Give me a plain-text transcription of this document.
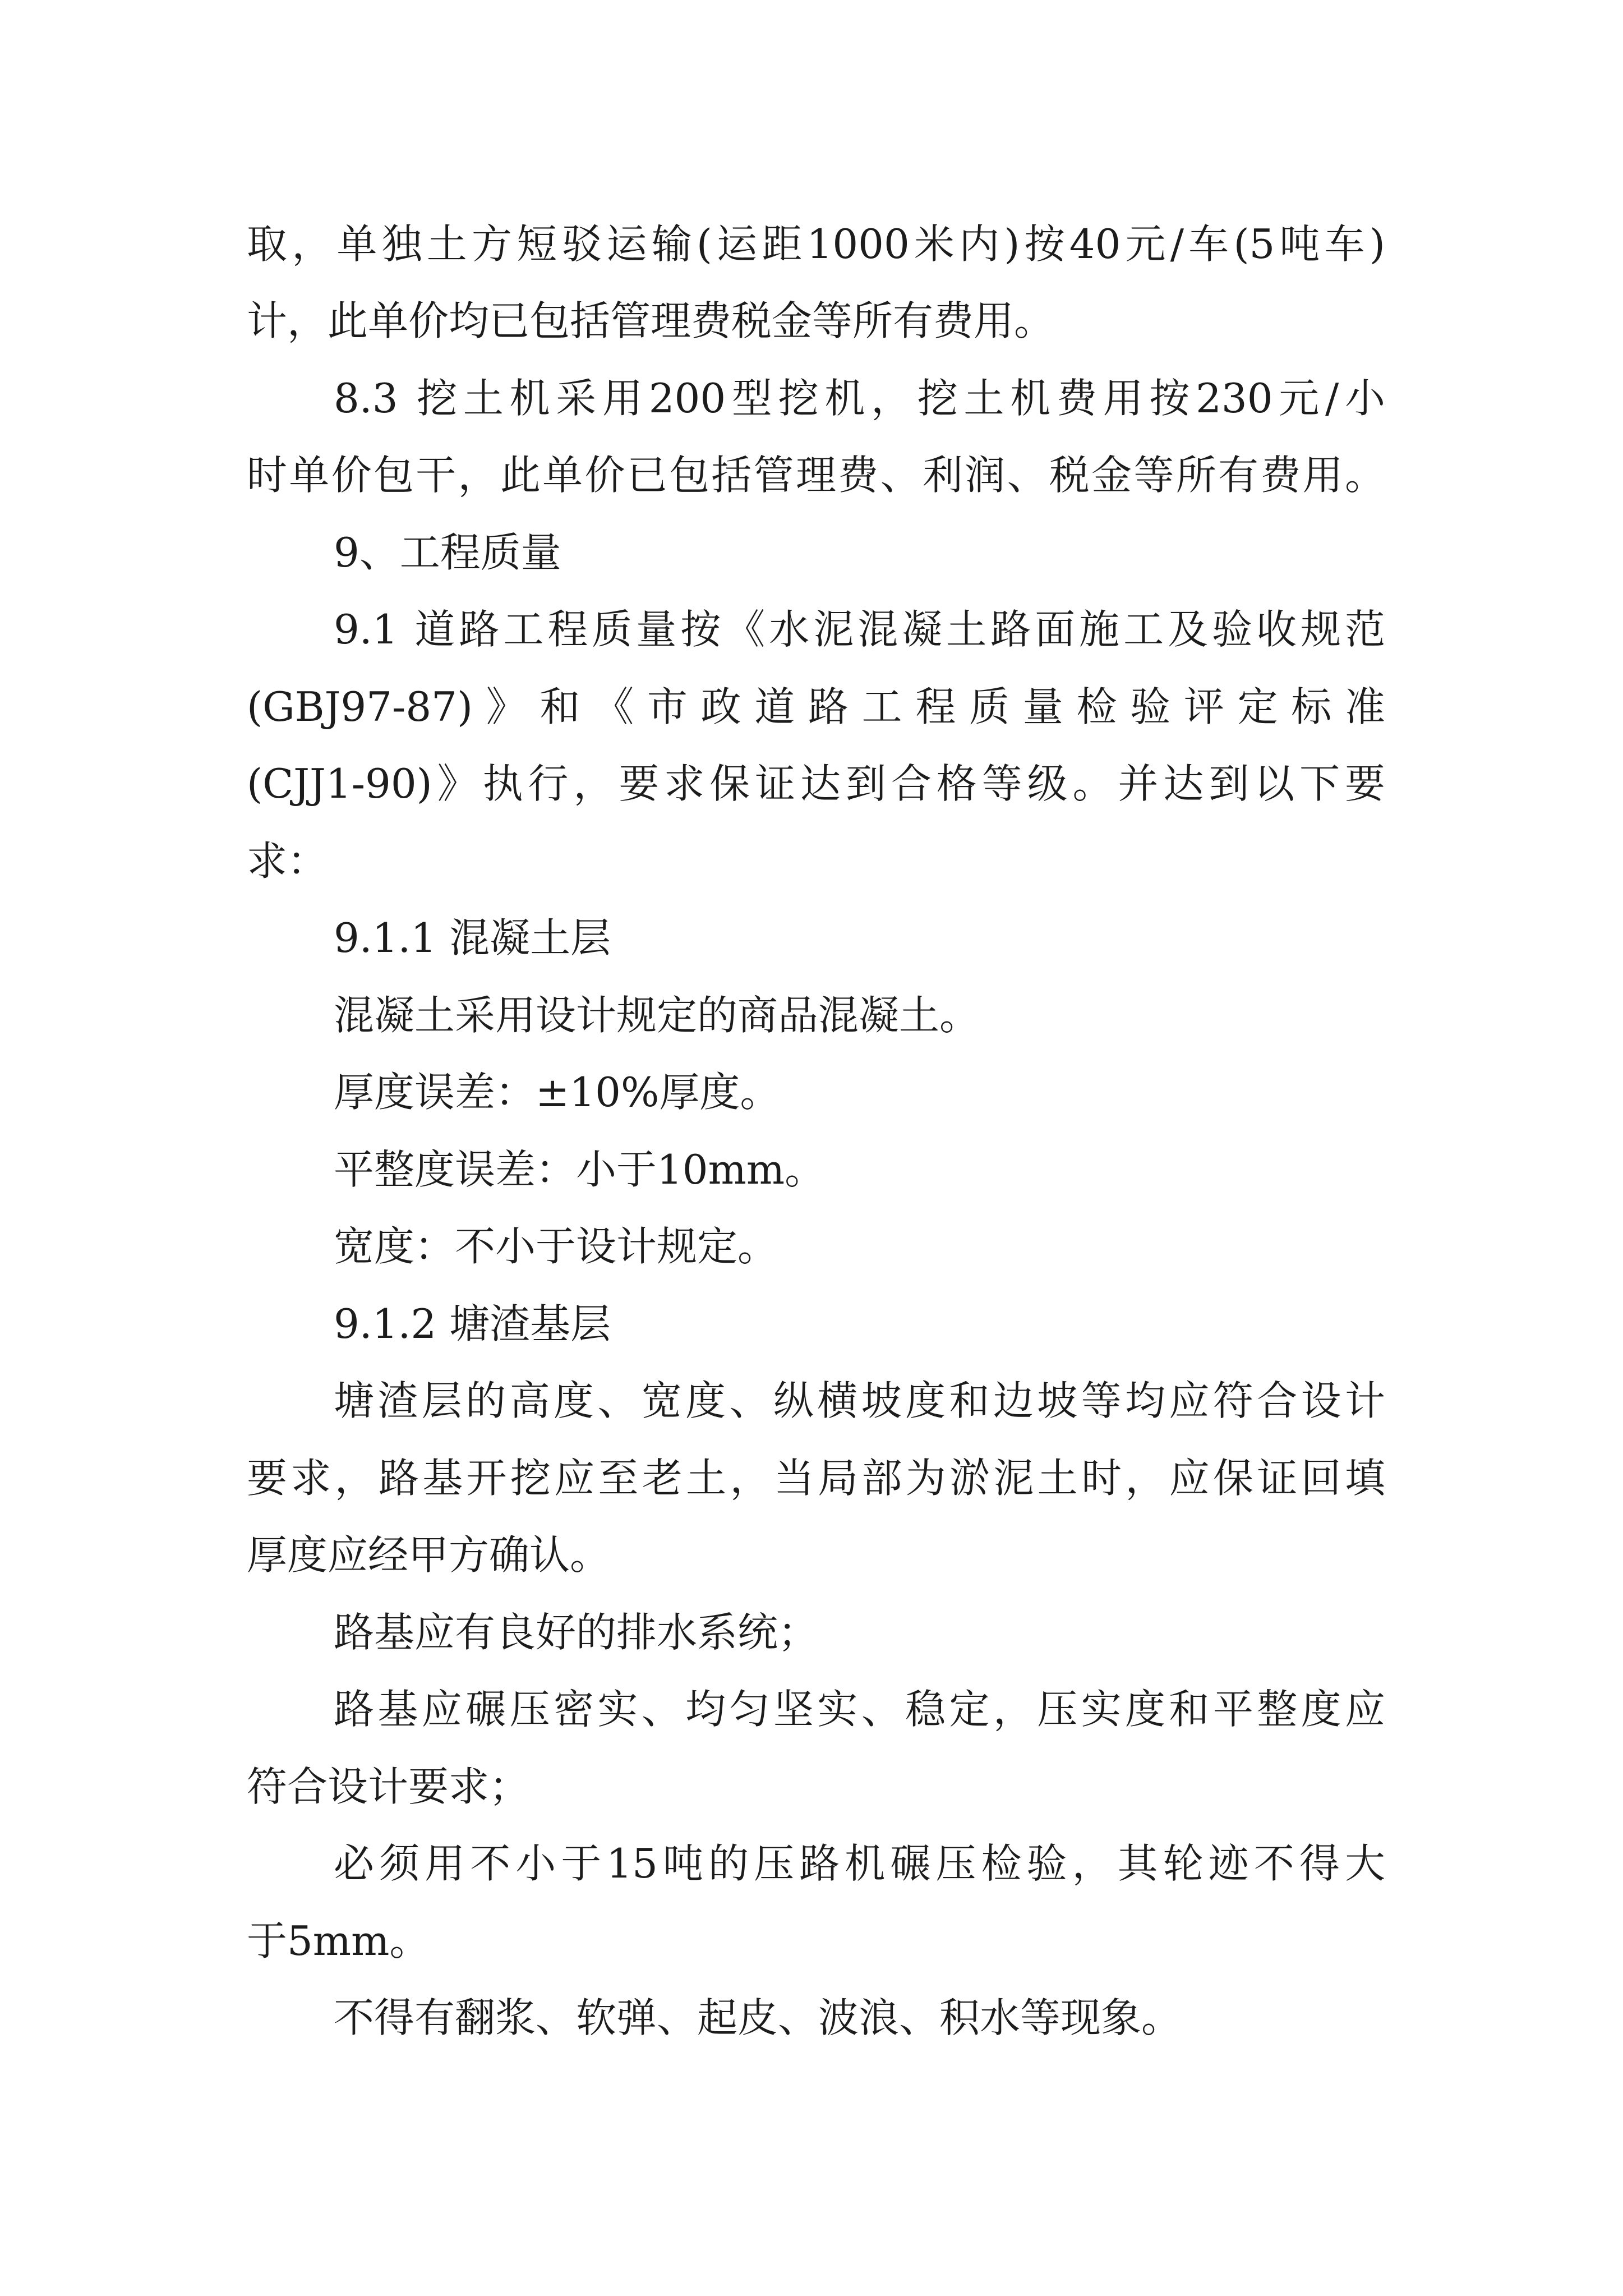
取，单独土方短驳运输(运距1000米内)按40元/车(5吨车)

计，此单价均已包括管理费税金等所有费用。

8.3 挖土机采用200型挖机，挖土机费用按230元/小

时单价包干，此单价已包括管理费、利润、税金等所有费用。

9、工程质量

9.1 道路工程质量按《水泥混凝土路面施工及验收规范

(GBJ97-87)》和《市政道路工程质量检验评定标准

(CJJ1-90)》执行，要求保证达到合格等级。并达到以下要

求：

9.1.1 混凝土层

混凝土采用设计规定的商品混凝土。

厚度误差：±10%厚度。

平整度误差：小于10mm。

宽度：不小于设计规定。

9.1.2 塘渣基层

塘渣层的高度、宽度、纵横坡度和边坡等均应符合设计

要求，路基开挖应至老土，当局部为淤泥土时，应保证回填

厚度应经甲方确认。

路基应有良好的排水系统；

路基应碾压密实、均匀坚实、稳定，压实度和平整度应

符合设计要求；

必须用不小于15吨的压路机碾压检验，其轮迹不得大

于5mm。

不得有翻浆、软弹、起皮、波浪、积水等现象。
